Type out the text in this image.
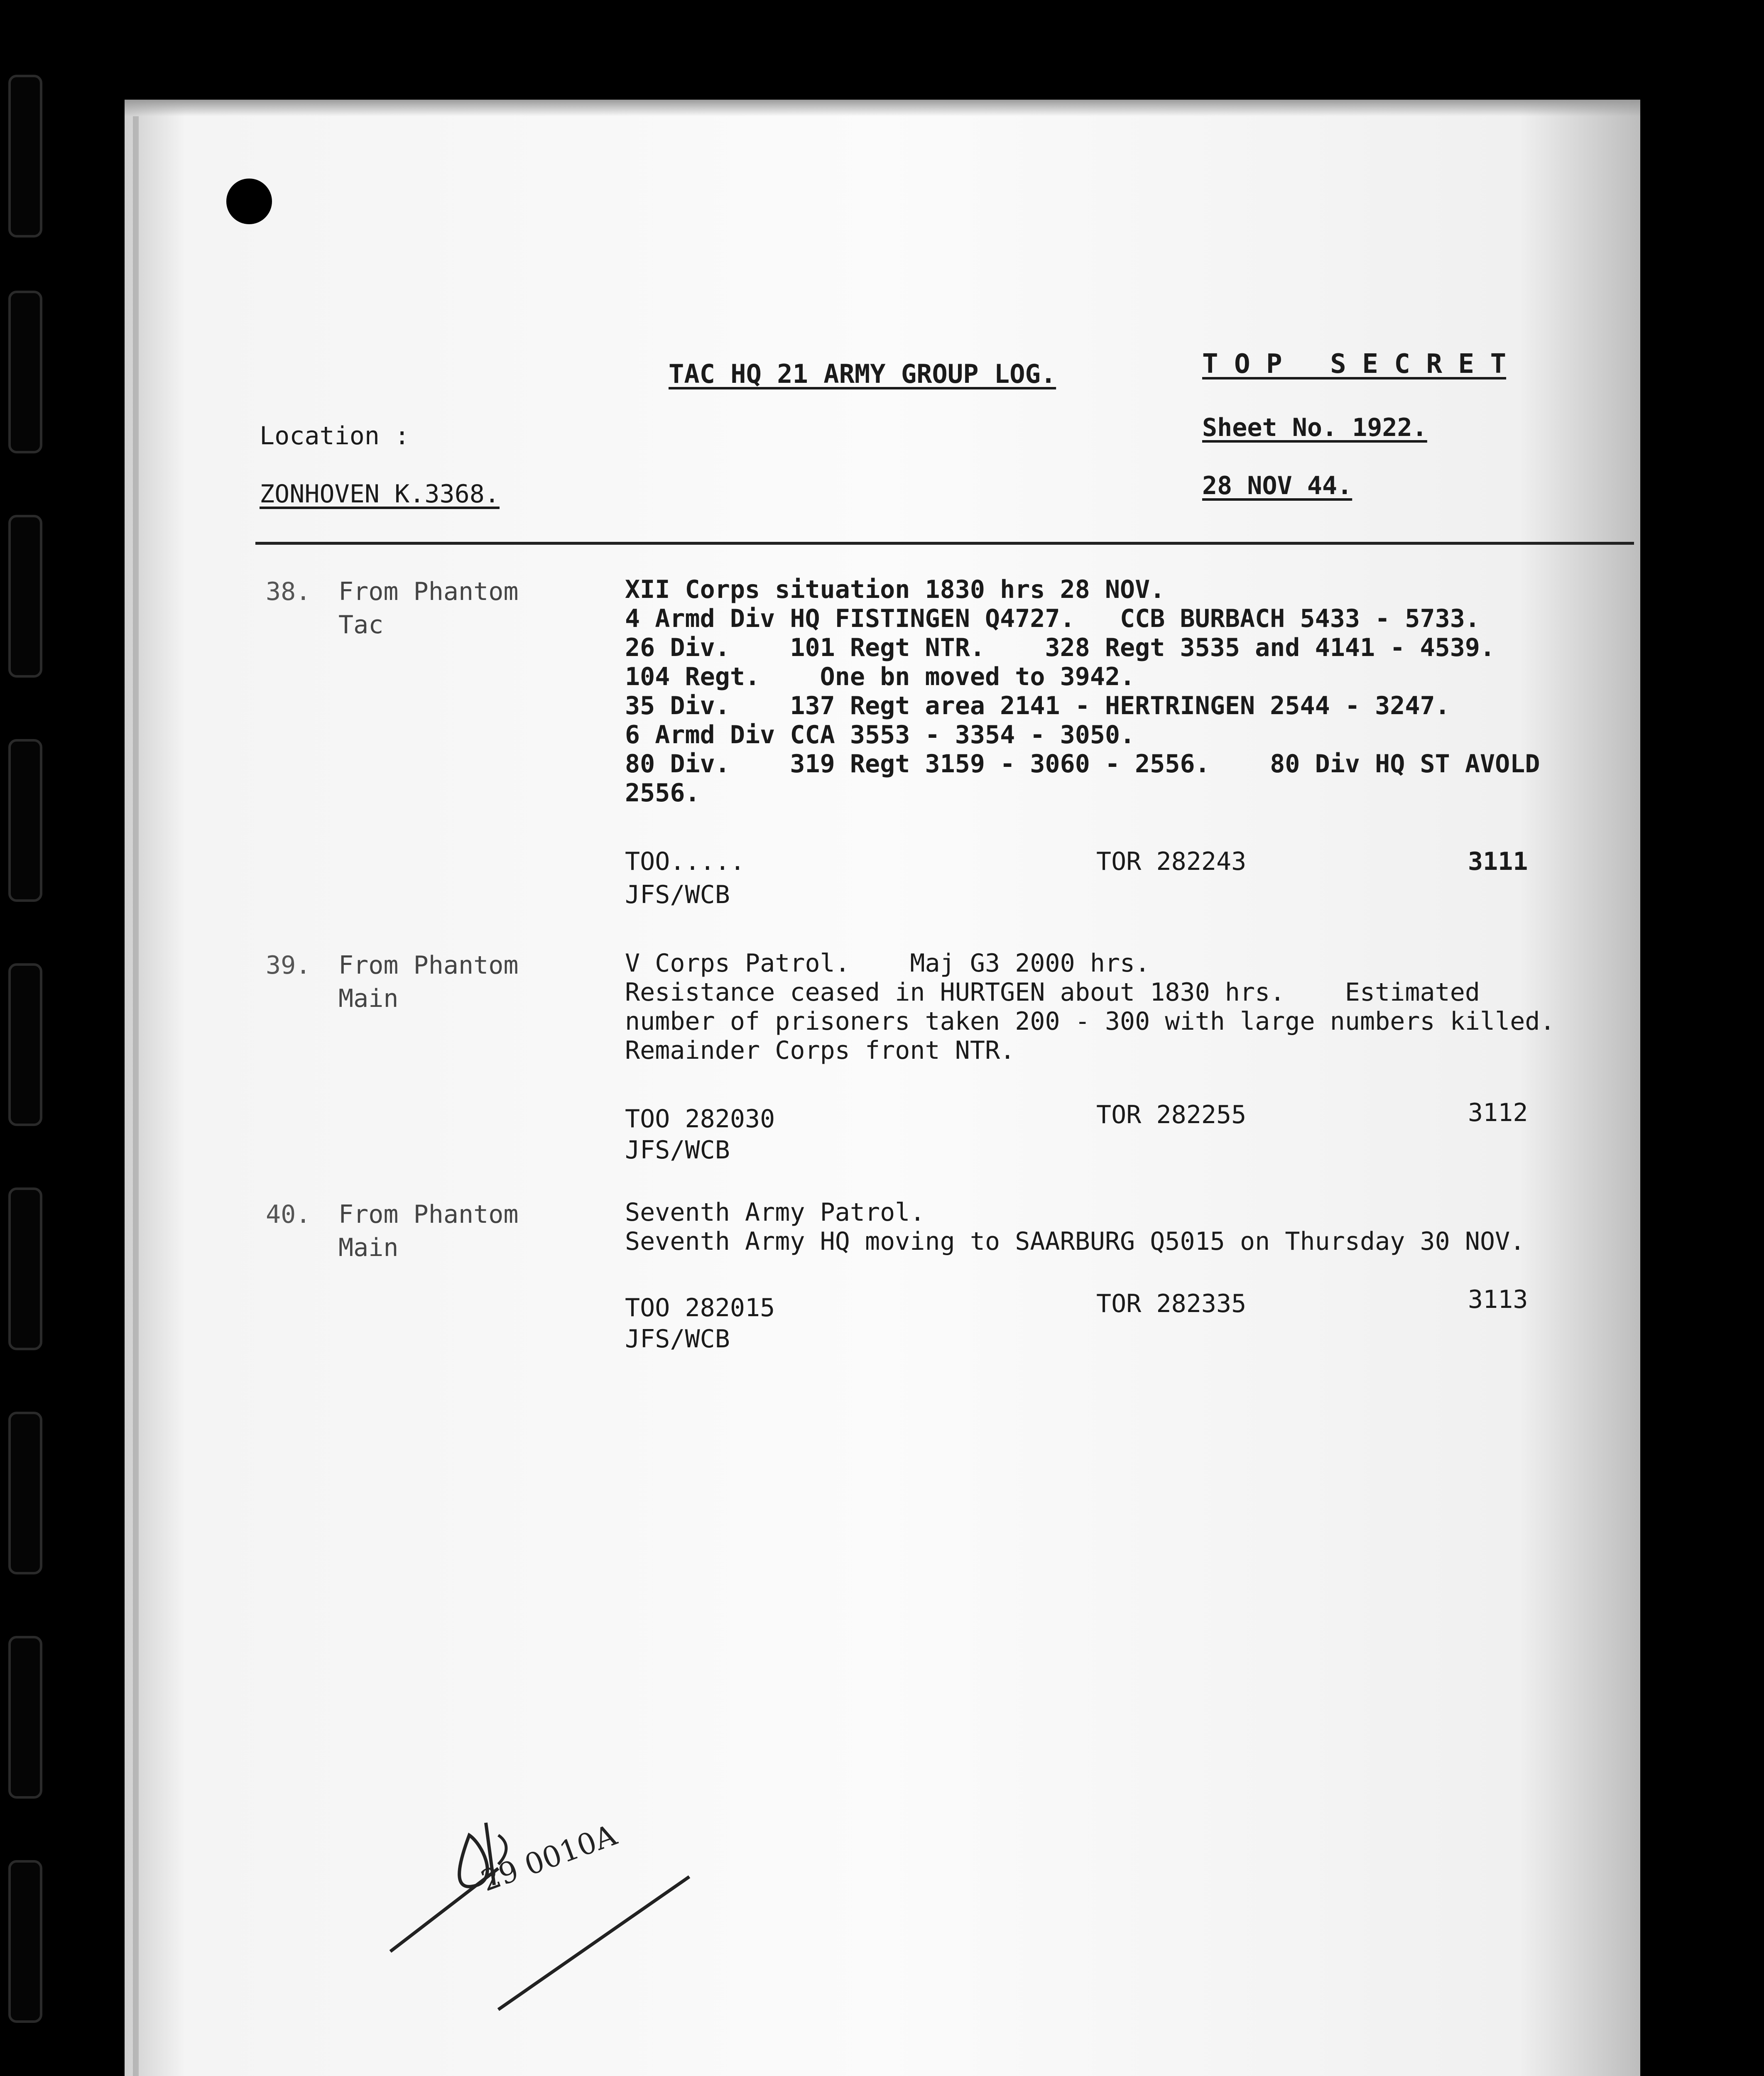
TAC HQ 21 ARMY GROUP LOG.	T O P   S E C R E T
Location :	Sheet No. 1922.
ZONHOVEN K.3368.	28 NOV 44.
38. From Phantom
Tac
XII Corps situation 1830 hrs 28 NOV.
4 Armd Div HQ FISTINGEN Q4727.   CCB BURBACH 5433 - 5733.
26 Div.    101 Regt NTR.    328 Regt 3535 and 4141 - 4539.
104 Regt.    One bn moved to 3942.
35 Div.    137 Regt area 2141 - HERTRINGEN 2544 - 3247.
6 Armd Div CCA 3553 - 3354 - 3050.
80 Div.    319 Regt 3159 - 3060 - 2556.    80 Div HQ ST AVOLD
2556.
TOO.....
JFS/WCB
TOR 282243	3111
39. From Phantom
Main
V Corps Patrol.    Maj G3 2000 hrs.
Resistance ceased in HURTGEN about 1830 hrs.    Estimated
number of prisoners taken 200 - 300 with large numbers killed.
Remainder Corps front NTR.
TOO 282030
JFS/WCB
TOR 282255	3112
40. From Phantom
Main
Seventh Army Patrol.
Seventh Army HQ moving to SAARBURG Q5015 on Thursday 30 NOV.
TOO 282015
JFS/WCB
TOR 282335	3113
29 0010A
